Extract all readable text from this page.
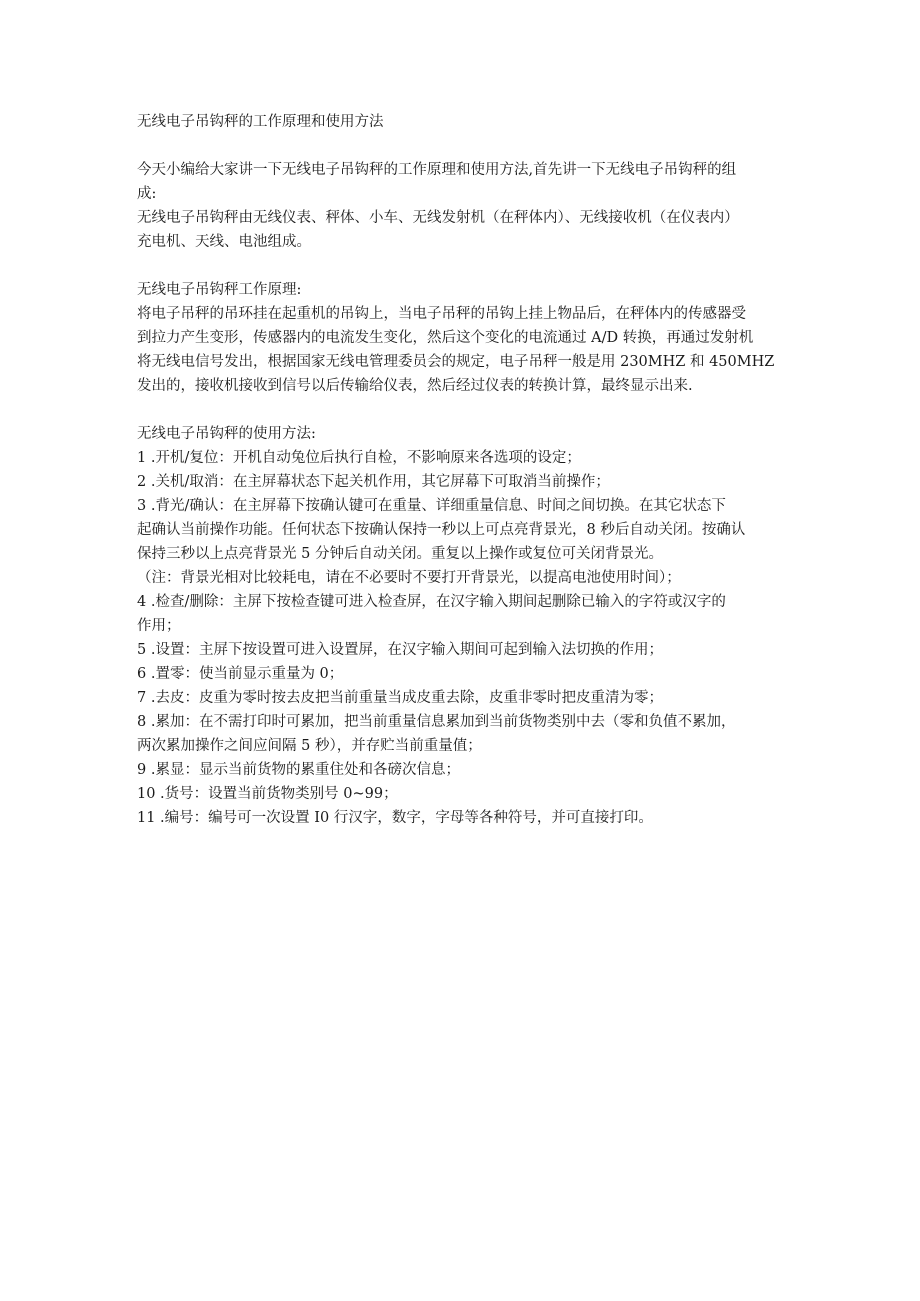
无线电子吊钩秤的工作原理和使用方法
今天小编给大家讲一下无线电子吊钩秤的工作原理和使用方法,首先讲一下无线电子吊钩秤的组
成:
无线电子吊钩秤由无线仪表、秤体、小车、无线发射机（在秤体内）、无线接收机（在仪表内）
充电机、天线、电池组成。
无线电子吊钩秤工作原理:
将电子吊秤的吊环挂在起重机的吊钩上，当电子吊秤的吊钩上挂上物品后，在秤体内的传感器受
到拉力产生变形，传感器内的电流发生变化，然后这个变化的电流通过 A/D 转换，再通过发射机
将无线电信号发出，根据国家无线电管理委员会的规定，电子吊秤一般是用 230MHZ 和 450MHZ
发出的，接收机接收到信号以后传输给仪表，然后经过仪表的转换计算，最终显示出来.
无线电子吊钩秤的使用方法:
1 .开机/复位：开机自动兔位后执行自检，不影响原来各选项的设定；
2 .关机/取消：在主屏幕状态下起关机作用，其它屏幕下可取消当前操作；
3 .背光/确认：在主屏幕下按确认键可在重量、详细重量信息、时间之间切换。在其它状态下
起确认当前操作功能。任何状态下按确认保持一秒以上可点亮背景光，8 秒后自动关闭。按确认
保持三秒以上点亮背景光 5 分钟后自动关闭。重复以上操作或复位可关闭背景光。
（注：背景光相对比较耗电，请在不必要时不要打开背景光，以提高电池使用时间）；
4 .检查/删除：主屏下按检查键可进入检查屏，在汉字输入期间起删除已输入的字符或汉字的
作用；
5 .设置：主屏下按设置可进入设置屏，在汉字输入期间可起到输入法切换的作用；
6 .置零：使当前显示重量为 0；
7 .去皮：皮重为零时按去皮把当前重量当成皮重去除，皮重非零时把皮重清为零；
8 .累加：在不需打印时可累加，把当前重量信息累加到当前货物类别中去（零和负值不累加，
两次累加操作之间应间隔 5 秒），并存贮当前重量值；
9 .累显：显示当前货物的累重住处和各磅次信息；
10 .货号：设置当前货物类别号 0~99；
11 .编号：编号可一次设置 I0 行汉字，数字，字母等各种符号，并可直接打印。
